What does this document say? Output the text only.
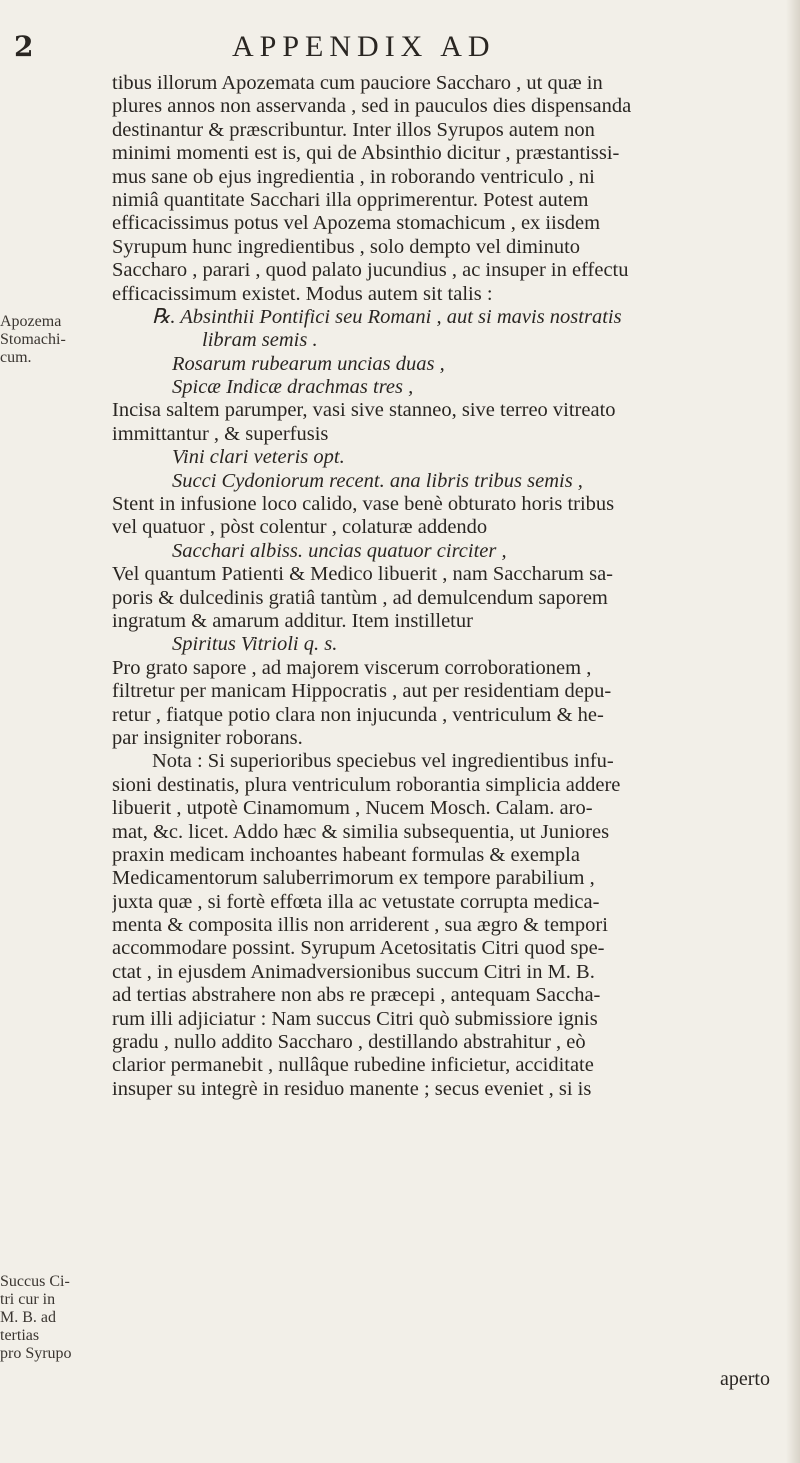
2	APPENDIX AD
Apozema
Stomachi-
cum.
Succus Ci-
tri cur in
M. B. ad
tertias
pro Syrupo
tibus illorum Apozemata cum pauciore Saccharo , ut quæ in
plures annos non asservanda , sed in pauculos dies dispensanda
destinantur & præscribuntur. Inter illos Syrupos autem non
minimi momenti est is, qui de Absinthio dicitur , præstantissi-
mus sane ob ejus ingredientia , in roborando ventriculo , ni
nimiâ quantitate Sacchari illa opprimerentur. Potest autem
efficacissimus potus vel Apozema stomachicum , ex iisdem
Syrupum hunc ingredientibus , solo dempto vel diminuto
Saccharo , parari , quod palato jucundius , ac insuper in effectu
efficacissimum existet. Modus autem sit talis :
℞. Absinthii Pontifici seu Romani , aut si mavis nostratis
libram semis .
Rosarum rubearum uncias duas ,
Spicæ Indicæ drachmas tres ,
Incisa saltem parumper, vasi sive stanneo, sive terreo vitreato
immittantur , & superfusis
Vini clari veteris opt.
Succi Cydoniorum recent. ana libris tribus semis ,
Stent in infusione loco calido, vase benè obturato horis tribus
vel quatuor , pòst colentur , colaturæ addendo
Sacchari albiss. uncias quatuor circiter ,
Vel quantum Patienti & Medico libuerit , nam Saccharum sa-
poris & dulcedinis gratiâ tantùm , ad demulcendum saporem
ingratum & amarum additur. Item instilletur
Spiritus Vitrioli q. s.
Pro grato sapore , ad majorem viscerum corroborationem ,
filtretur per manicam Hippocratis , aut per residentiam depu-
retur , fiatque potio clara non injucunda , ventriculum & he-
par insigniter roborans.
Nota : Si superioribus speciebus vel ingredientibus infu-
sioni destinatis, plura ventriculum roborantia simplicia addere
libuerit , utpotè Cinamomum , Nucem Mosch. Calam. aro-
mat, &c. licet. Addo hæc & similia subsequentia, ut Juniores
praxin medicam inchoantes habeant formulas & exempla
Medicamentorum saluberrimorum ex tempore parabilium ,
juxta quæ , si fortè effœta illa ac vetustate corrupta medica-
menta & composita illis non arriderent , sua ægro & tempori
accommodare possint. Syrupum Acetositatis Citri quod spe-
ctat , in ejusdem Animadversionibus succum Citri in M. B.
ad tertias abstrahere non abs re præcepi , antequam Saccha-
rum illi adjiciatur : Nam succus Citri quò submissiore ignis
gradu , nullo addito Saccharo , destillando abstrahitur , eò
clarior permanebit , nullâque rubedine inficietur, acciditate
insuper su integrè in residuo manente ; secus eveniet , si is
aperto
